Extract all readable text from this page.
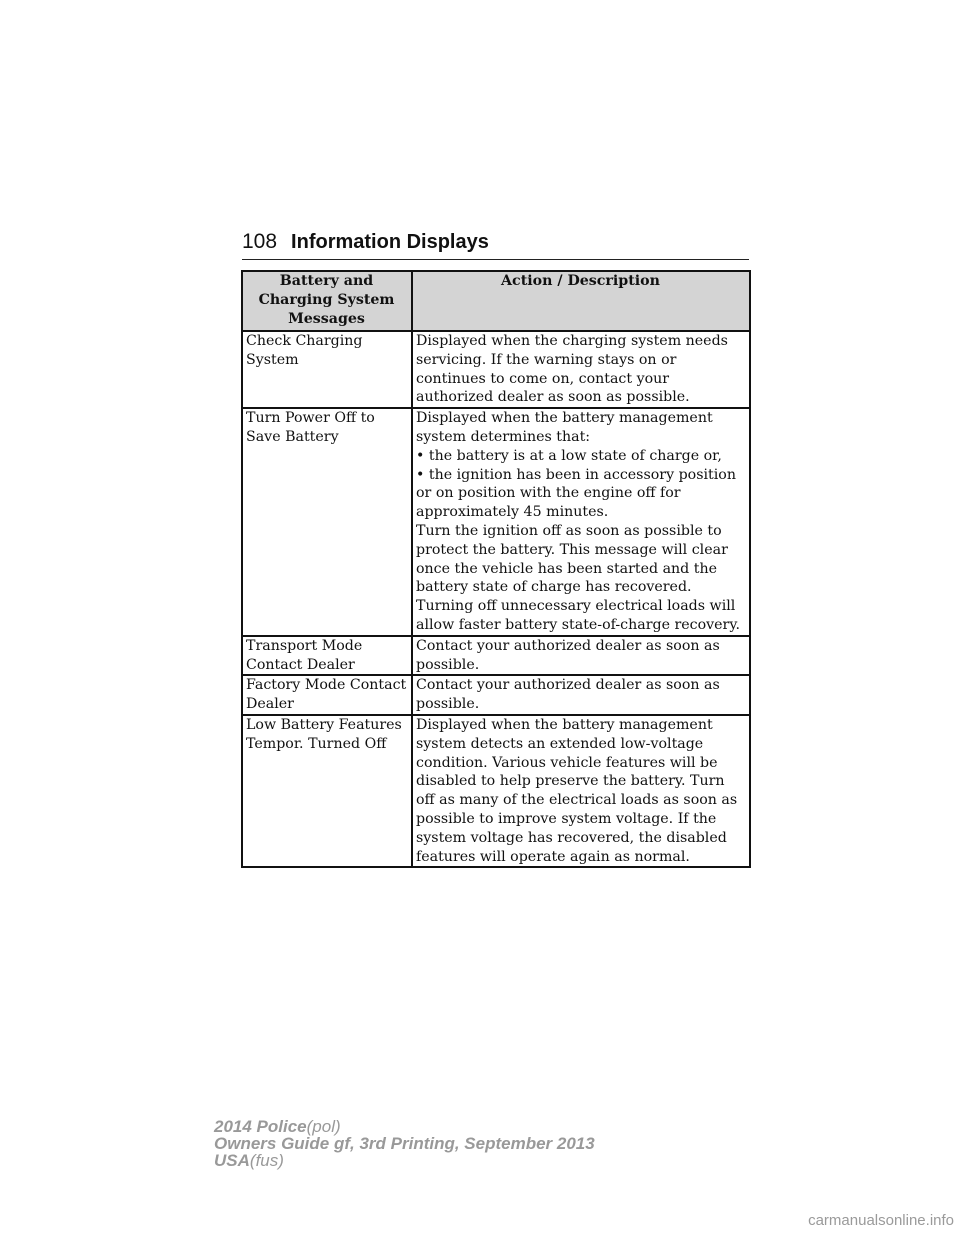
108 Information Displays
Battery and Charging System Messages	Action / Description
Check Charging System	Displayed when the charging system needs servicing. If the warning stays on or continues to come on, contact your authorized dealer as soon as possible.

Turn Power Off to Save Battery	Displayed when the battery management system determines that:
• the battery is at a low state of charge or,
• the ignition has been in accessory position or on position with the engine off for approximately 45 minutes.
Turn the ignition off as soon as possible to protect the battery. This message will clear once the vehicle has been started and the battery state of charge has recovered. Turning off unnecessary electrical loads will allow faster battery state-of-charge recovery.

Transport Mode Contact Dealer	Contact your authorized dealer as soon as possible.

Factory Mode Contact Dealer	Contact your authorized dealer as soon as possible.

Low Battery Features Tempor. Turned Off	Displayed when the battery management system detects an extended low-voltage condition. Various vehicle features will be disabled to help preserve the battery. Turn off as many of the electrical loads as soon as possible to improve system voltage. If the system voltage has recovered, the disabled features will operate again as normal.
2014 Police(pol)
Owners Guide gf, 3rd Printing, September 2013
USA(fus)
carmanualsonline.info
